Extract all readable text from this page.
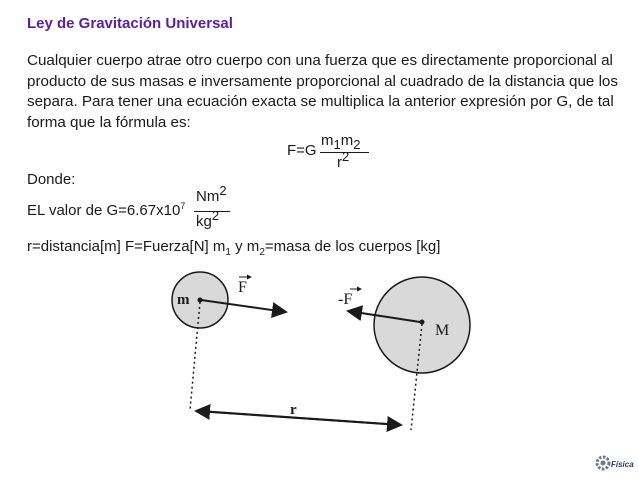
Ley de Gravitación Universal
Cualquier cuerpo atrae otro cuerpo con una fuerza que es directamente proporcional al producto de sus masas e inversamente proporcional al cuadrado de la distancia que los separa. Para tener una ecuación exacta se multiplica la anterior expresión por G, de tal forma que la fórmula es:
F=G
m1m2
r2
Donde:
EL valor de $G=6.67x10^7$
Nm2
kg2
r=distancia[m] F=Fuerza[N] $m_1$ y $m_2=masa$ de los cuerpos [kg]
m
M
F
-F
r
Física
